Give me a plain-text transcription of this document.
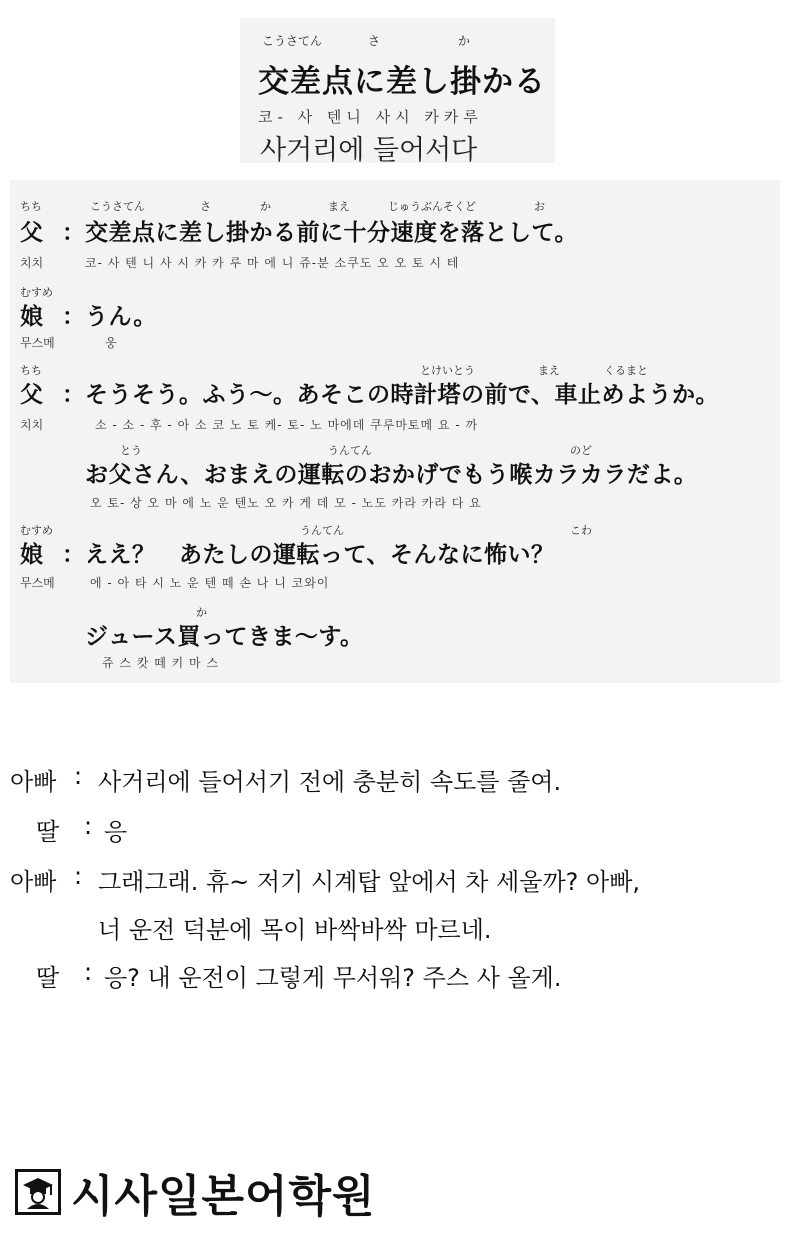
こうさてん	さ	か
交差点に差し掛かる
코- 사 텐니 사시 카카루
사거리에 들어서다
ちち	こうさてん	さ	か	まえ	じゅうぶんそくど	お
父 ： 交差点に差し掛かる前に十分速度を落として。
치치	코- 사 텐 니 사 시 카 카 루 마 에 니 쥬-분 소쿠도 오 오 토 시 테
むすめ
娘 ： うん。
무스메	웅
ちち	とけいとう	まえ	くるまと
父 ： そうそう。ふう～。あそこの時計塔の前で、車止めようか。
치치	소 - 소 - 후 - 아 소 코 노 토 케- 토- 노 마에데 쿠루마토메 요 - 까
とう	うんてん	のど
お父さん、おまえの運転のおかげでもう喉カラカラだよ。
오 토- 상 오 마 에 노 운 텐노 오 카 게 데 모 - 노도 카라 카라 다 요
むすめ	うんてん	こわ
娘 ： ええ？　あたしの運転って、そんなに怖い？
무스메	에 - 아 타 시 노 운 텐 떼 손 나 니 코와이
か
ジュース買ってきま～す。
쥬 스 캇 떼 키 마 스
아빠 : 사거리에 들어서기 전에 충분히 속도를 줄여.
딸 : 응
아빠 : 그래그래. 휴~ 저기 시계탑 앞에서 차 세울까? 아빠,
너 운전 덕분에 목이 바싹바싹 마르네.
딸 : 응? 내 운전이 그렇게 무서워? 주스 사 올게.
시사일본어학원
